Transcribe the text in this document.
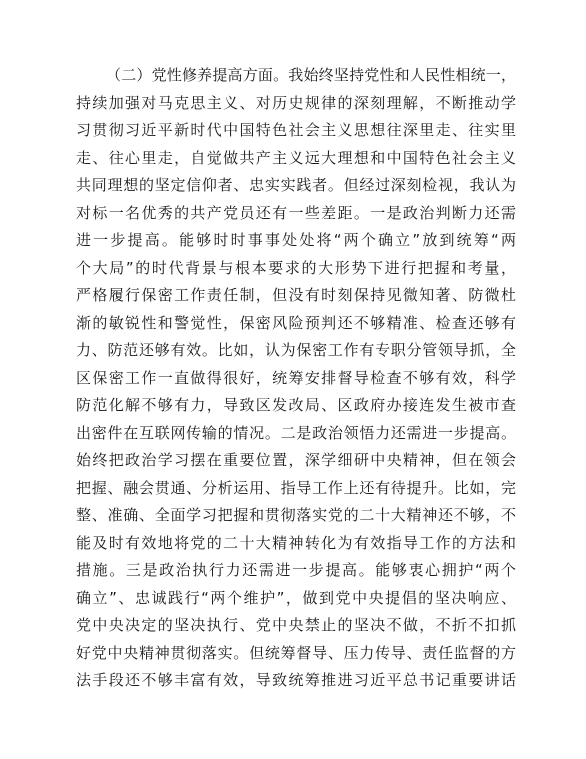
（二）党性修养提高方面。我始终坚持党性和人民性相统一，
持续加强对马克思主义、对历史规律的深刻理解，不断推动学
习贯彻习近平新时代中国特色社会主义思想往深里走、往实里
走、往心里走，自觉做共产主义远大理想和中国特色社会主义
共同理想的坚定信仰者、忠实实践者。但经过深刻检视，我认为
对标一名优秀的共产党员还有一些差距。一是政治判断力还需
进一步提高。能够时时事事处处将“两个确立”放到统筹“两
个大局”的时代背景与根本要求的大形势下进行把握和考量，
严格履行保密工作责任制，但没有时刻保持见微知著、防微杜
渐的敏锐性和警觉性，保密风险预判还不够精准、检查还够有
力、防范还够有效。比如，认为保密工作有专职分管领导抓，全
区保密工作一直做得很好，统筹安排督导检查不够有效，科学
防范化解不够有力，导致区发改局、区政府办接连发生被市查
出密件在互联网传输的情况。二是政治领悟力还需进一步提高。
始终把政治学习摆在重要位置，深学细研中央精神，但在领会
把握、融会贯通、分析运用、指导工作上还有待提升。比如，完
整、准确、全面学习把握和贯彻落实党的二十大精神还不够，不
能及时有效地将党的二十大精神转化为有效指导工作的方法和
措施。三是政治执行力还需进一步提高。能够衷心拥护“两个
确立”、忠诚践行“两个维护”，做到党中央提倡的坚决响应、
党中央决定的坚决执行、党中央禁止的坚决不做，不折不扣抓
好党中央精神贯彻落实。但统筹督导、压力传导、责任监督的方
法手段还不够丰富有效，导致统筹推进习近平总书记重要讲话
